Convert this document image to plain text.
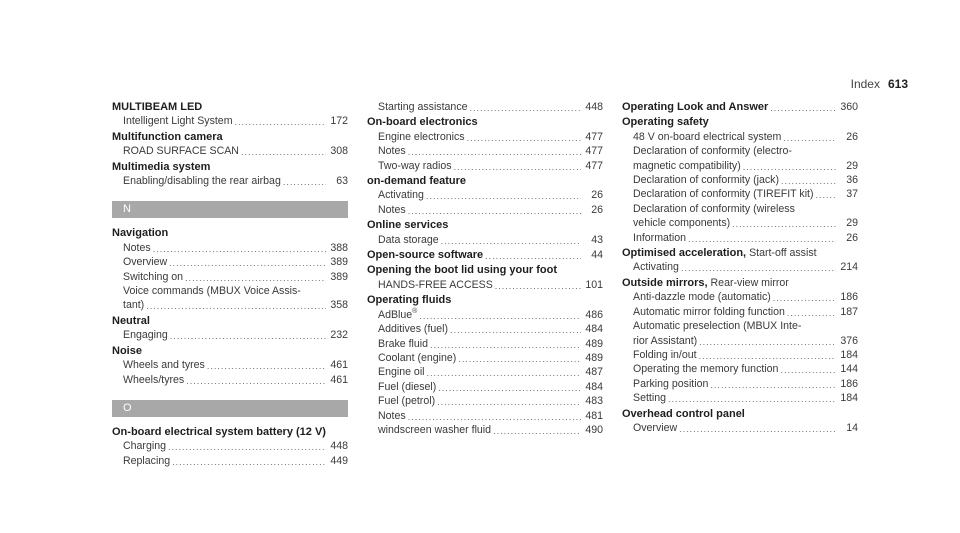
Index 613
MULTIBEAM LED
Intelligent Light System .....	172
Multifunction camera
ROAD SURFACE SCAN .....	308
Multimedia system
Enabling/disabling the rear airbag .....	63
N
Navigation
Notes .....	388
Overview .....	389
Switching on .....	389
Voice commands (MBUX Voice Assis-
tant) .....	358
Neutral
Engaging .....	232
Noise
Wheels and tyres .....	461
Wheels/tyres .....	461
O
On-board electrical system battery (12 V)
Charging .....	448
Replacing .....	449
Starting assistance .....	448
On-board electronics
Engine electronics .....	477
Notes .....	477
Two-way radios .....	477
on-demand feature
Activating .....	26
Notes .....	26
Online services
Data storage .....	43
Open-source software .....	44
Opening the boot lid using your foot
HANDS-FREE ACCESS .....	101
Operating fluids
AdBlue® .....	486
Additives (fuel) .....	484
Brake fluid .....	489
Coolant (engine) .....	489
Engine oil .....	487
Fuel (diesel) .....	484
Fuel (petrol) .....	483
Notes .....	481
windscreen washer fluid .....	490
Operating Look and Answer .....	360
Operating safety
48 V on-board electrical system .....	26
Declaration of conformity (electro-
magnetic compatibility) .....	29
Declaration of conformity (jack) .....	36
Declaration of conformity (TIREFIT kit) .....	37
Declaration of conformity (wireless
vehicle components) .....	29
Information .....	26
Optimised acceleration, Start-off assist
Activating .....	214
Outside mirrors, Rear-view mirror
Anti-dazzle mode (automatic) .....	186
Automatic mirror folding function .....	187
Automatic preselection (MBUX Inte-
rior Assistant) .....	376
Folding in/out .....	184
Operating the memory function .....	144
Parking position .....	186
Setting .....	184
Overhead control panel
Overview .....	14
